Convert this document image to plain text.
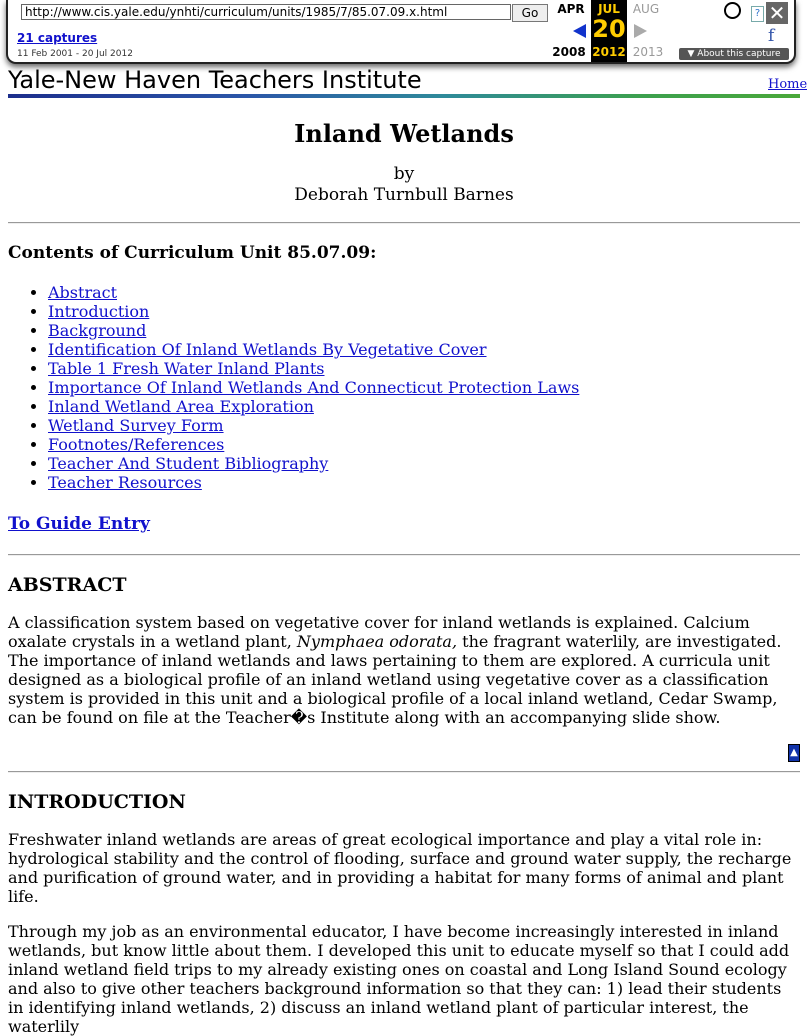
http://www.cis.yale.edu/ynhti/curriculum/units/1985/7/85.07.09.x.html	Go
21 captures
11 Feb 2001 - 20 Jul 2012
APR	JUL	AUG
20
2008 2012 2013
? ✕
f
▼ About this capture
Yale-New Haven Teachers Institute	Home
Inland Wetlands
by
Deborah Turnbull Barnes
Contents of Curriculum Unit 85.07.09:
• Abstract
• Introduction
• Background
• Identification Of Inland Wetlands By Vegetative Cover
• Table 1 Fresh Water Inland Plants
• Importance Of Inland Wetlands And Connecticut Protection Laws
• Inland Wetland Area Exploration
• Wetland Survey Form
• Footnotes/References
• Teacher And Student Bibliography
• Teacher Resources
To Guide Entry
ABSTRACT

A classification system based on vegetative cover for inland wetlands is explained. Calcium oxalate crystals in a wetland plant, Nymphaea odorata, the fragrant waterlily, are investigated. The importance of inland wetlands and laws pertaining to them are explored. A curricula unit designed as a biological profile of an inland wetland using vegetative cover as a classification system is provided in this unit and a biological profile of a local inland wetland, Cedar Swamp, can be found on file at the Teacher�s Institute along with an accompanying slide show.

▲
INTRODUCTION

Freshwater inland wetlands are areas of great ecological importance and play a vital role in: hydrological stability and the control of flooding, surface and ground water supply, the recharge and purification of ground water, and in providing a habitat for many forms of animal and plant life.

Through my job as an environmental educator, I have become increasingly interested in inland wetlands, but know little about them. I developed this unit to educate myself so that I could add inland wetland field trips to my already existing ones on coastal and Long Island Sound ecology and also to give other teachers background information so that they can: 1) lead their students in identifying inland wetlands, 2) discuss an inland wetland plant of particular interest, the waterlily
